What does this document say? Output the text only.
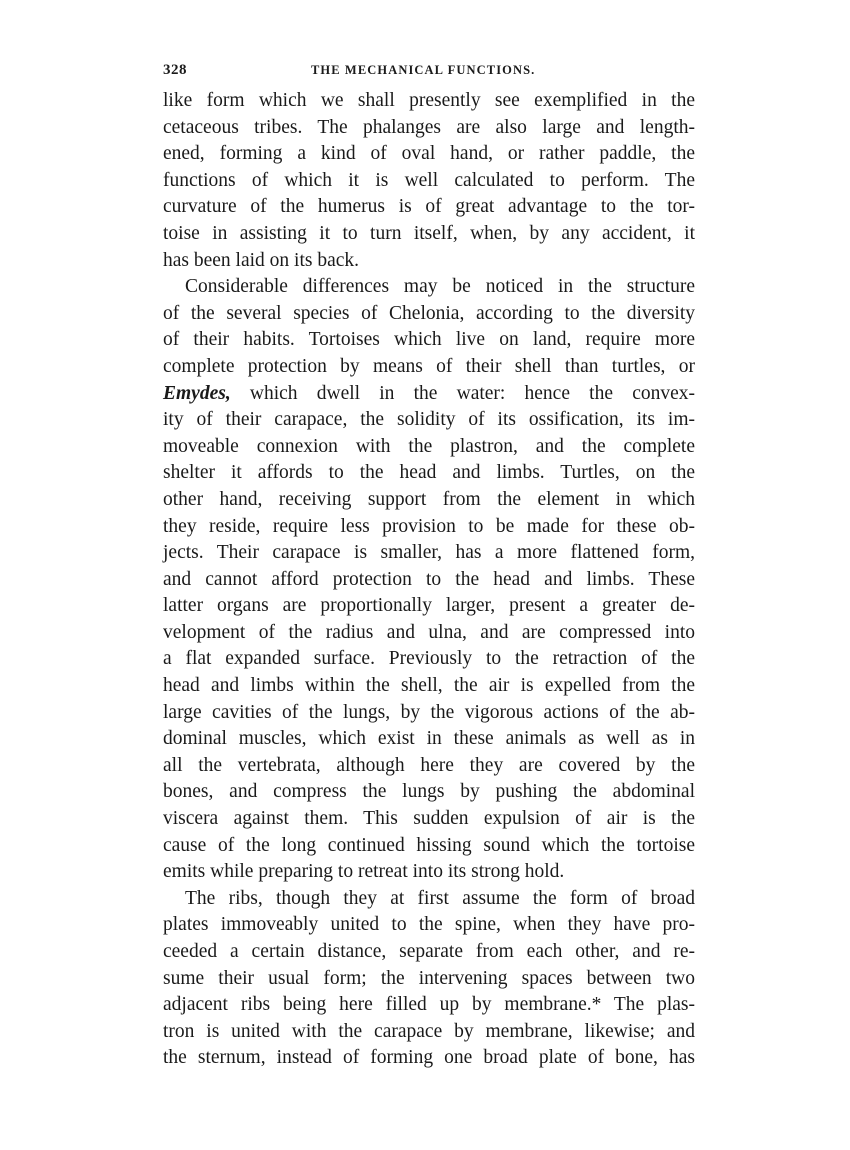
328	THE MECHANICAL FUNCTIONS.
like form which we shall presently see exemplified in the
cetaceous tribes. The phalanges are also large and length-
ened, forming a kind of oval hand, or rather paddle, the
functions of which it is well calculated to perform. The
curvature of the humerus is of great advantage to the tor-
toise in assisting it to turn itself, when, by any accident, it
has been laid on its back.
Considerable differences may be noticed in the structure
of the several species of Chelonia, according to the diversity
of their habits. Tortoises which live on land, require more
complete protection by means of their shell than turtles, or
Emydes, which dwell in the water: hence the convex-
ity of their carapace, the solidity of its ossification, its im-
moveable connexion with the plastron, and the complete
shelter it affords to the head and limbs. Turtles, on the
other hand, receiving support from the element in which
they reside, require less provision to be made for these ob-
jects. Their carapace is smaller, has a more flattened form,
and cannot afford protection to the head and limbs. These
latter organs are proportionally larger, present a greater de-
velopment of the radius and ulna, and are compressed into
a flat expanded surface. Previously to the retraction of the
head and limbs within the shell, the air is expelled from the
large cavities of the lungs, by the vigorous actions of the ab-
dominal muscles, which exist in these animals as well as in
all the vertebrata, although here they are covered by the
bones, and compress the lungs by pushing the abdominal
viscera against them. This sudden expulsion of air is the
cause of the long continued hissing sound which the tortoise
emits while preparing to retreat into its strong hold.
The ribs, though they at first assume the form of broad
plates immoveably united to the spine, when they have pro-
ceeded a certain distance, separate from each other, and re-
sume their usual form; the intervening spaces between two
adjacent ribs being here filled up by membrane.* The plas-
tron is united with the carapace by membrane, likewise; and
the sternum, instead of forming one broad plate of bone, has
